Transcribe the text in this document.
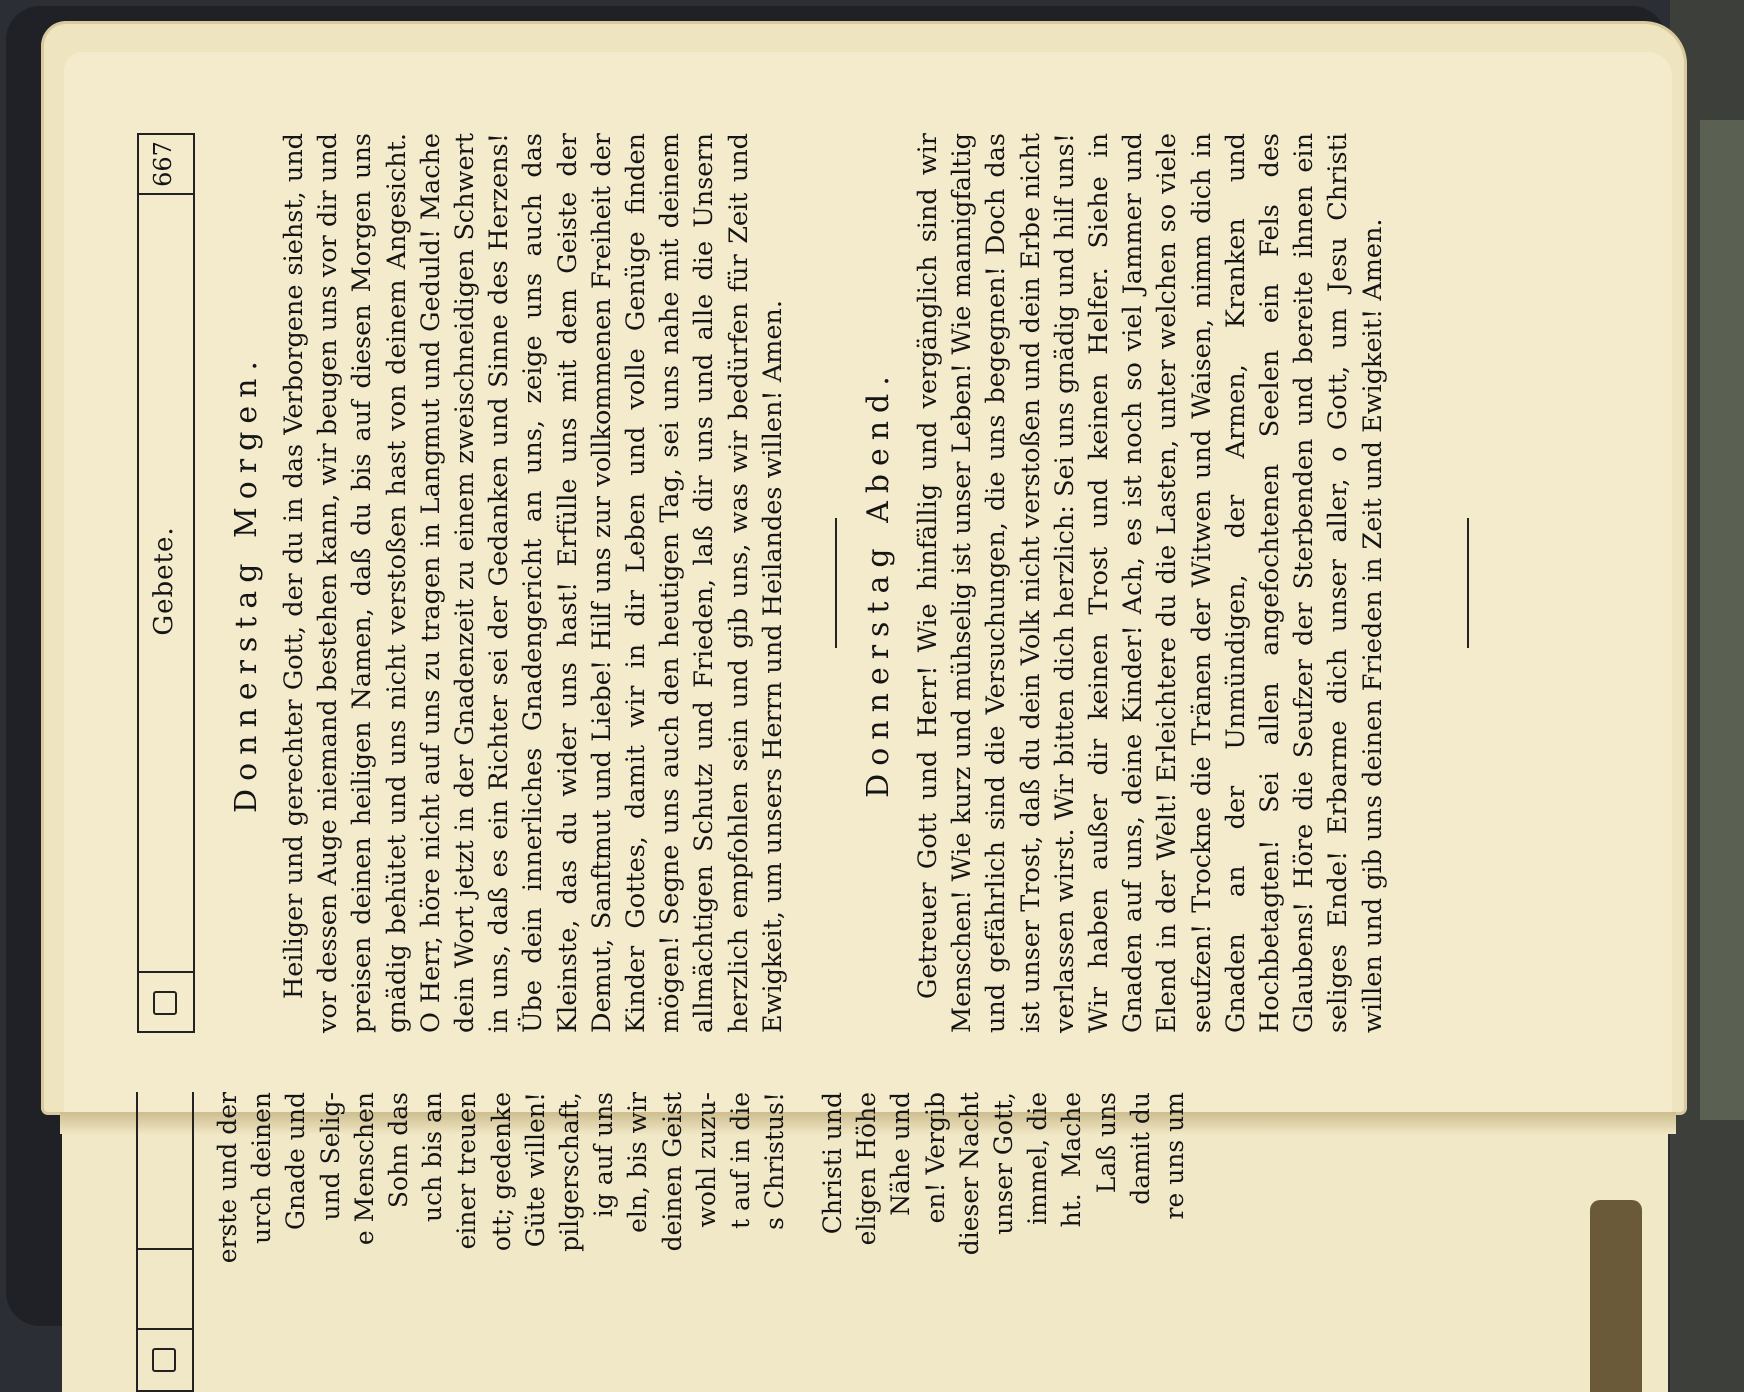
Gebete.
667
Donnerstag Morgen. Heiliger und gerechter Gott, der du in das Verborgene siehst, und vor dessen Auge niemand bestehen kann, wir beugen uns vor dir und preisen deinen heiligen Namen, daß du bis auf diesen Morgen uns gnädig behütet und uns nicht verstoßen hast von deinem Angesicht. O Herr, höre nicht auf uns zu tragen in Langmut und Geduld! Mache dein Wort jetzt in der Gnadenzeit zu einem zweischneidigen Schwert in uns, daß es ein Richter sei der Gedanken und Sinne des Herzens! Übe dein innerliches Gnadengericht an uns, zeige uns auch das Kleinste, das du wider uns hast! Erfülle uns mit dem Geiste der Demut, Sanftmut und Liebe! Hilf uns zur vollkommenen Freiheit der Kinder Gottes, damit wir in dir Leben und volle Genüge finden mögen! Segne uns auch den heutigen Tag, sei uns nahe mit deinem allmächtigen Schutz und Frieden, laß dir uns und alle die Unsern herzlich empfohlen sein und gib uns, was wir bedürfen für Zeit und Ewigkeit, um unsers Herrn und Heilandes willen! Amen. Donnerstag Abend. Getreuer Gott und Herr! Wie hinfällig und vergänglich sind wir Menschen! Wie kurz und mühselig ist unser Leben! Wie mannigfaltig und gefährlich sind die Versuchungen, die uns begegnen! Doch das ist unser Trost, daß du dein Volk nicht verstoßen und dein Erbe nicht verlassen wirst. Wir bitten dich herzlich: Sei uns gnädig und hilf uns! Wir haben außer dir keinen Trost und keinen Helfer. Siehe in Gnaden auf uns, deine Kinder! Ach, es ist noch so viel Jammer und Elend in der Welt! Erleichtere du die Lasten, unter welchen so viele seufzen! Trockne die Tränen der Witwen und Waisen, nimm dich in Gnaden an der Unmündigen, der Armen, Kranken und Hochbetagten! Sei allen angefochtenen Seelen ein Fels des Glaubens! Höre die Seufzer der Sterbenden und bereite ihnen ein seliges Ende! Erbarme dich unser aller, o Gott, um Jesu Christi willen und gib uns deinen Frieden in Zeit und Ewigkeit! Amen.

erste und der urch deinen Gnade und und Selig- e Menschen Sohn das uch bis an einer treuen ott; gedenke Güte willen! pilgerschaft, ig auf uns eln, bis wir deinen Geist wohl zuzu- t auf in die s Christus! Christi und eligen Höhe Nähe und en! Vergib dieser Nacht unser Gott, immel, die ht.  Mache Laß uns damit du re uns um
